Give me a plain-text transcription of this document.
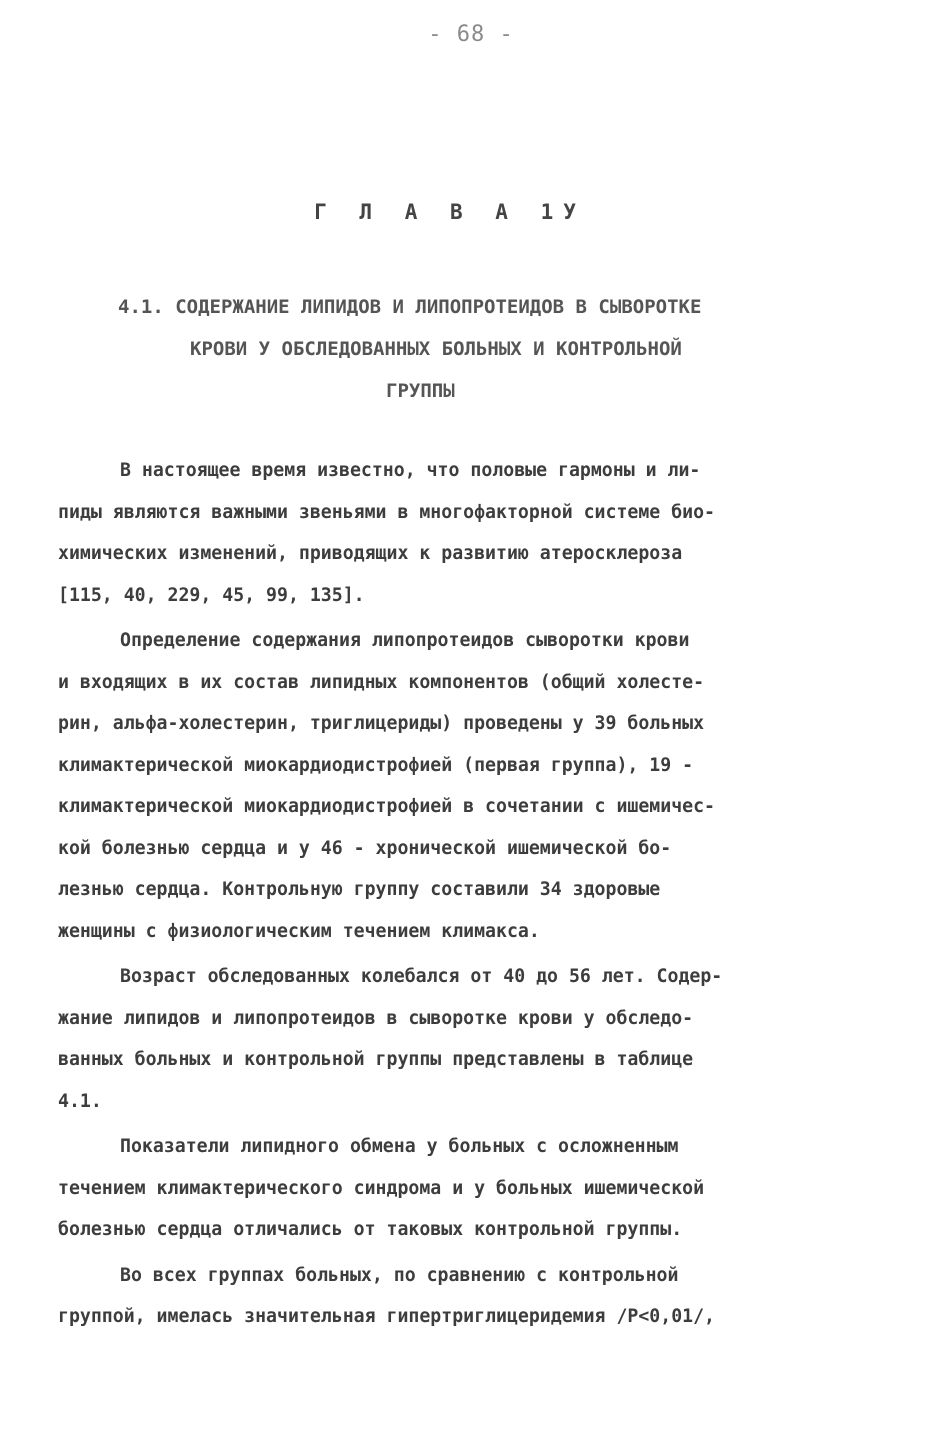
- 68 -
Г Л А В А 1У
4.1. СОДЕРЖАНИЕ ЛИПИДОВ И ЛИПОПРОТЕИДОВ В СЫВОРОТКЕ
КРОВИ У ОБСЛЕДОВАННЫХ БОЛЬНЫХ И КОНТРОЛЬНОЙ
ГРУППЫ

В настоящее время известно, что половые гармоны и ли-
пиды являются важными звеньями в многофакторной системе био-
химических изменений, приводящих к развитию атеросклероза
[115, 40, 229, 45, 99, 135].

Определение содержания липопротеидов сыворотки крови
и входящих в их состав липидных компонентов (общий холесте-
рин, альфа-холестерин, триглицериды) проведены у 39 больных
климактерической миокардиодистрофией (первая группа), 19 -
климактерической миокардиодистрофией в сочетании с ишемичес-
кой болезнью сердца и у 46 - хронической ишемической бо-
лезнью сердца. Контрольную группу составили 34 здоровые
женщины с физиологическим течением климакса.

Возраст обследованных колебался от 40 до 56 лет. Содер-
жание липидов и липопротеидов в сыворотке крови у обследо-
ванных больных и контрольной группы представлены в таблице
4.1.

Показатели липидного обмена у больных с осложненным
течением климактерического синдрома и у больных ишемической
болезнью сердца отличались от таковых контрольной группы.

Во всех группах больных, по сравнению с контрольной
группой, имелась значительная гипертриглицеридемия /Р<0,01/,
